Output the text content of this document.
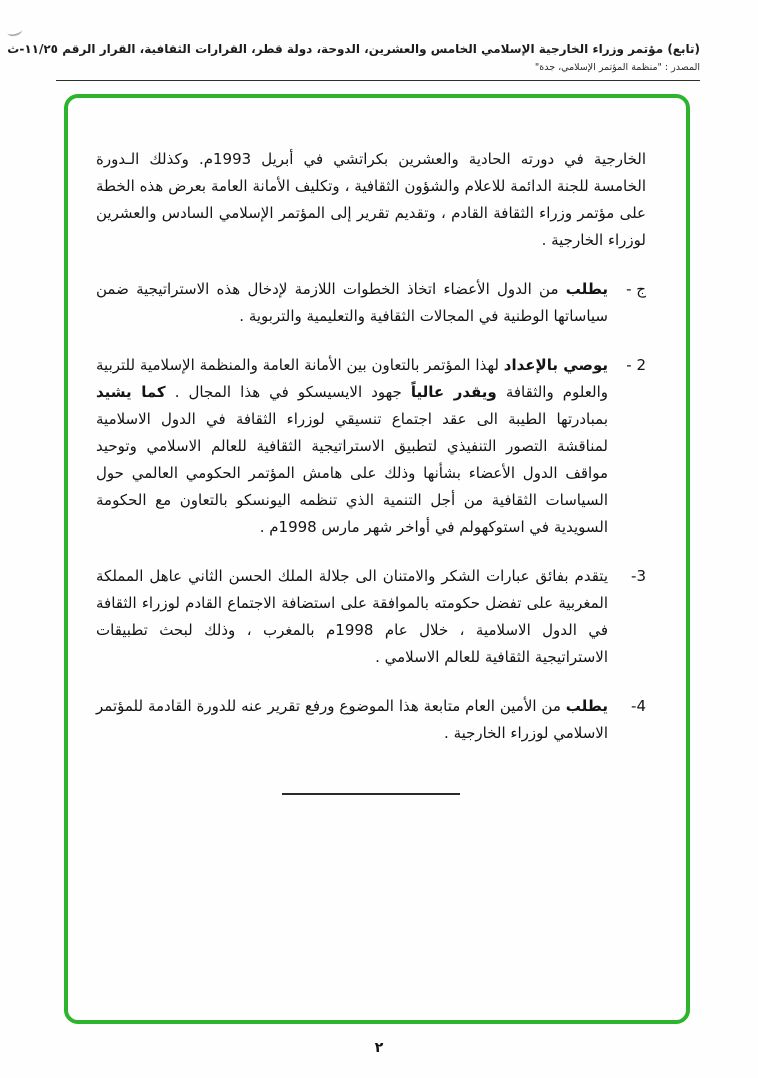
(تابع) مؤتمر وزراء الخارجية الإسلامي الخامس والعشرين، الدوحة، دولة قطر، القرارات الثقافية، القرار الرقم ١١/٢٥-ث
المصدر : "منظمة المؤتمر الإسلامي، جدة"

الخارجية في دورته الحادية والعشرين بكراتشي في أبريل 1993م. وكذلك الـدورة الخامسة للجنة الدائمة للاعلام والشؤون الثقافية ، وتكليف الأمانة العامة بعرض هذه الخطة على مؤتمر وزراء الثقافة القادم ، وتقديم تقرير إلى المؤتمر الإسلامي السادس والعشرين لوزراء الخارجية .

ج -
يطلب من الدول الأعضاء اتخاذ الخطوات اللازمة لإدخال هذه الاستراتيجية ضمن سياساتها الوطنية في المجالات الثقافية والتعليمية والتربوية .
2 -
يوصي بالإعداد لهذا المؤتمر بالتعاون بين الأمانة العامة والمنظمة الإسلامية للتربية والعلوم والثقافة ويقدر عالياً جهود الايسيسكو في هذا المجال . كما يشيد بمبادرتها الطيبة الى عقد اجتماع تنسيقي لوزراء الثقافة في الدول الاسلامية لمناقشة التصور التنفيذي لتطبيق الاستراتيجية الثقافية للعالم الاسلامي وتوحيد مواقف الدول الأعضاء بشأنها وذلك على هامش المؤتمر الحكومي العالمي حول السياسات الثقافية من أجل التنمية الذي تنظمه اليونسكو بالتعاون مع الحكومة السويدية في استوكهولم في أواخر شهر مارس 1998م .
3-
يتقدم بفائق عبارات الشكر والامتنان الى جلالة الملك الحسن الثاني عاهل المملكة المغربية على تفضل حكومته بالموافقة على استضافة الاجتماع القادم لوزراء الثقافة في الدول الاسلامية ، خلال عام 1998م بالمغرب ، وذلك لبحث تطبيقات الاستراتيجية الثقافية للعالم الاسلامي .
4-
يطلب من الأمين العام متابعة هذا الموضوع ورفع تقرير عنه للدورة القادمة للمؤتمر الاسلامي لوزراء الخارجية .
٢
